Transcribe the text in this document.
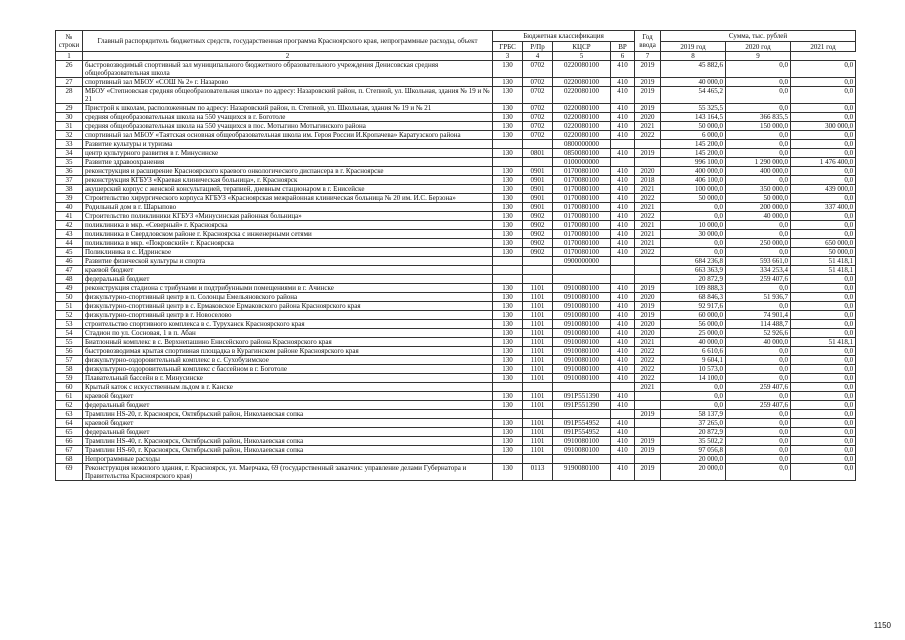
№ строки	Главный распорядитель бюджетных средств, государственная программа Красноярского края, непрограммные расходы, объект	Бюджетная классификация				Год ввода	Сумма, тыс. рублей		
		ГРБС	Р/Пр	КЦСР	ВР		2019 год	2020 год	2021 год
1	2	3	4	5	6	7	8	9	
26	быстровозводимый спортивный зал муниципального бюджетного образовательного учреждения Денисовская средняя общеобразовательная школа	130	0702	0220080100	410	2019	45 882,6	0,0	0,0
27	спортивный зал МБОУ «СОШ № 2» г. Назарово	130	0702	0220080100	410	2019	40 000,0	0,0	0,0
28	МБОУ «Степновская средняя общеобразовательная школа» по адресу: Назаровский район, п. Степной, ул. Школьная, здания № 19 и № 21	130	0702	0220080100	410	2019	54 465,2	0,0	0,0
29	Пристрой к школам, расположенным по адресу: Назаровский район, п. Степной, ул. Школьная, здания № 19 и № 21	130	0702	0220080100	410	2019	55 325,5	0,0	0,0
30	средняя общеобразовательная школа на 550 учащихся в г. Боготоле	130	0702	0220080100	410	2020	143 164,5	366 835,5	0,0
31	средняя общеобразовательная школа на 550 учащихся в пос. Мотыгино Мотыгинского района	130	0702	0220080100	410	2021	50 000,0	150 000,0	300 000,0
32	спортивный зал МБОУ «Таятская основная общеобразовательная школа им. Героя России И.Кропачева» Каратузского района	130	0702	0220080100	410	2022	6 000,0	0,0	0,0
33	Развитие культуры и туризма			0800000000			145 200,0	0,0	0,0
34	центр культурного развития в г. Минусинске	130	0801	0850080100	410	2019	145 200,0	0,0	0,0
35	Развитие здравоохранения			0100000000			996 100,0	1 290 000,0	1 476 400,0
36	реконструкция и расширение Красноярского краевого онкологического диспансера в г. Красноярске	130	0901	0170080100	410	2020	400 000,0	400 000,0	0,0
37	реконструкция КГБУЗ «Краевая клиническая больница», г. Красноярск	130	0901	0170080100	410	2018	406 100,0	0,0	0,0
38	акушерский корпус с женской консультацией, терапией, дневным стационаром в г. Енисейске	130	0901	0170080100	410	2021	100 000,0	350 000,0	439 000,0
39	Строительство хирургического корпуса КГБУЗ «Красноярская межрайонная клиническая больница № 20 им. И.С. Берзона»	130	0901	0170080100	410	2022	50 000,0	50 000,0	0,0
40	Родильный дом в г. Шарыпово	130	0901	0170080100	410	2021	0,0	200 000,0	337 400,0
41	Строительство поликлиники КГБУЗ «Минусинская районная больница»	130	0902	0170080100	410	2022	0,0	40 000,0	0,0
42	поликлиника в мкр. «Северный» г. Красноярска	130	0902	0170080100	410	2021	10 000,0	0,0	0,0
43	поликлиника в Свердловском районе г. Красноярска с инженерными сетями	130	0902	0170080100	410	2021	30 000,0	0,0	0,0
44	поликлиника в мкр. «Покровский» г. Красноярска	130	0902	0170080100	410	2021	0,0	250 000,0	650 000,0
45	Поликлиника в с. Идринское	130	0902	0170080100	410	2022	0,0	0,0	50 000,0
46	Развитие физической культуры и спорта			0900000000			684 236,8	593 661,0	51 418,1
47	краевой бюджет						663 363,9	334 253,4	51 418,1
48	федеральный бюджет						20 872,9	259 407,6	0,0
49	реконструкция стадиона с трибунами и подтрибунными помещениями в г. Ачинске	130	1101	0910080100	410	2019	109 888,3	0,0	0,0
50	физкультурно-спортивный центр в п. Солонцы Емельяновского района	130	1101	0910080100	410	2020	68 846,3	51 936,7	0,0
51	физкультурно-спортивный центр в с. Ермаковское Ермаковского района Красноярского края	130	1101	0910080100	410	2019	92 917,6	0,0	0,0
52	физкультурно-спортивный центр в г. Новоселово	130	1101	0910080100	410	2019	60 000,0	74 901,4	0,0
53	строительство спортивного комплекса в с. Туруханск Красноярского края	130	1101	0910080100	410	2020	56 000,0	114 488,7	0,0
54	Стадион по ул. Сосновая, 1 в п. Абан	130	1101	0910080100	410	2020	25 000,0	52 926,6	0,0
55	Биатлонный комплекс в с. Верхнепашино Енисейского района Красноярского края	130	1101	0910080100	410	2021	40 000,0	40 000,0	51 418,1
56	быстровозводимая крытая спортивная площадка в Курагинском районе Красноярского края	130	1101	0910080100	410	2022	6 610,6	0,0	0,0
57	физкультурно-оздоровительный комплекс в с. Сухобузимское	130	1101	0910080100	410	2022	9 604,1	0,0	0,0
58	физкультурно-оздоровительный комплекс с бассейном в г. Боготоле	130	1101	0910080100	410	2022	10 573,0	0,0	0,0
59	Плавательный бассейн в г. Минусинске	130	1101	0910080100	410	2022	14 100,0	0,0	0,0
60	Крытый каток с искусственным льдом в г. Канске					2021	0,0	259 407,6	0,0
61	краевой бюджет	130	1101	091P551390	410		0,0	0,0	0,0
62	федеральный бюджет	130	1101	091P551390	410		0,0	259 407,6	0,0
63	Трамплин HS-20, г. Красноярск, Октябрьский район, Николаевская сопка					2019	58 137,9	0,0	0,0
64	краевой бюджет	130	1101	091P554952	410		37 265,0	0,0	0,0
65	федеральный бюджет	130	1101	091P554952	410		20 872,9	0,0	0,0
66	Трамплин HS-40, г. Красноярск, Октябрьский район, Николаевская сопка	130	1101	0910080100	410	2019	35 502,2	0,0	0,0
67	Трамплин HS-60, г. Красноярск, Октябрьский район, Николаевская сопка	130	1101	0910080100	410	2019	97 056,8	0,0	0,0
68	Непрограммные расходы						20 000,0	0,0	0,0
69	Реконструкция нежилого здания, г. Красноярск, ул. Маерчака, 69 (государственный заказчик: управление делами Губернатора и Правительства Красноярского края)	130	0113	9190080100	410	2019	20 000,0	0,0	0,0
1150
